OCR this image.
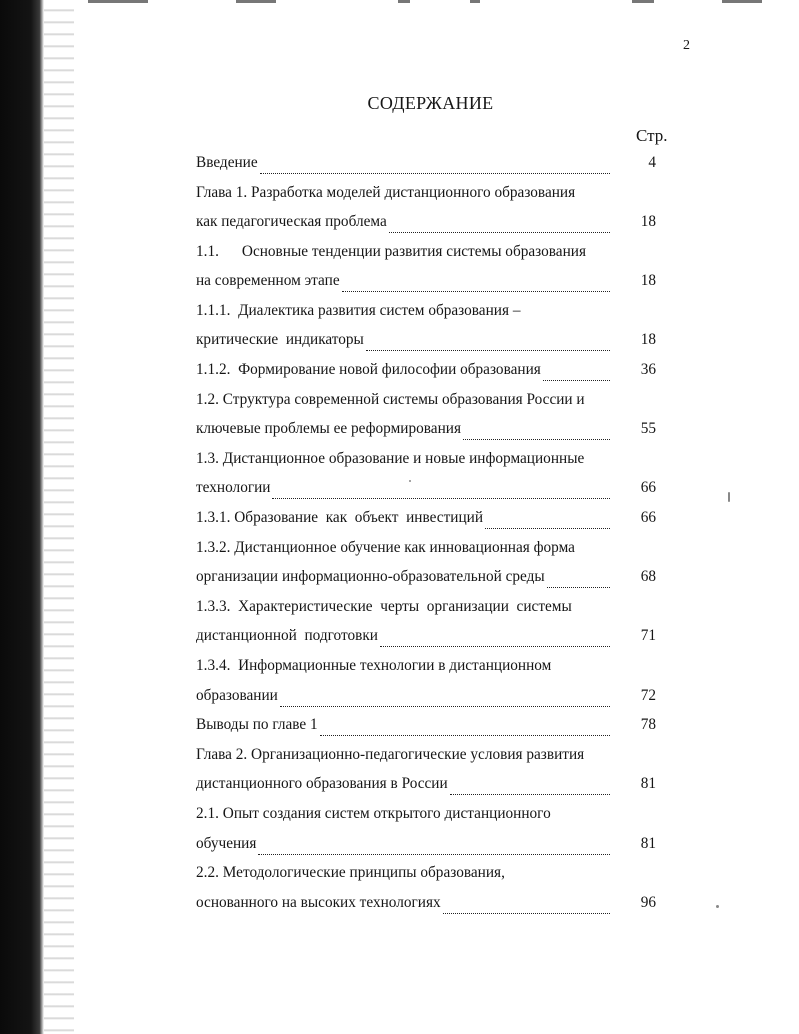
2
СОДЕРЖАНИЕ
Стр.
Введение	4
Глава 1. Разработка моделей дистанционного образования
как педагогическая проблема	18
1.1.      Основные тенденции развития системы образования
на современном этапе	18
1.1.1.  Диалектика развития систем образования –
критические  индикаторы	18
1.1.2.  Формирование новой философии образования	36
1.2. Структура современной системы образования России и
ключевые проблемы ее реформирования	55
1.3. Дистанционное образование и новые информационные
технологии	66
1.3.1. Образование  как  объект  инвестиций	66
1.3.2. Дистанционное обучение как инновационная форма
организации информационно-образовательной среды	68
1.3.3.  Характеристические  черты  организации  системы
дистанционной  подготовки	71
1.3.4.  Информационные технологии в дистанционном
образовании	72
Выводы по главе 1	78
Глава 2. Организационно-педагогические условия развития
дистанционного образования в России	81
2.1. Опыт создания систем открытого дистанционного
обучения	81
2.2. Методологические принципы образования,
основанного на высоких технологиях	96
